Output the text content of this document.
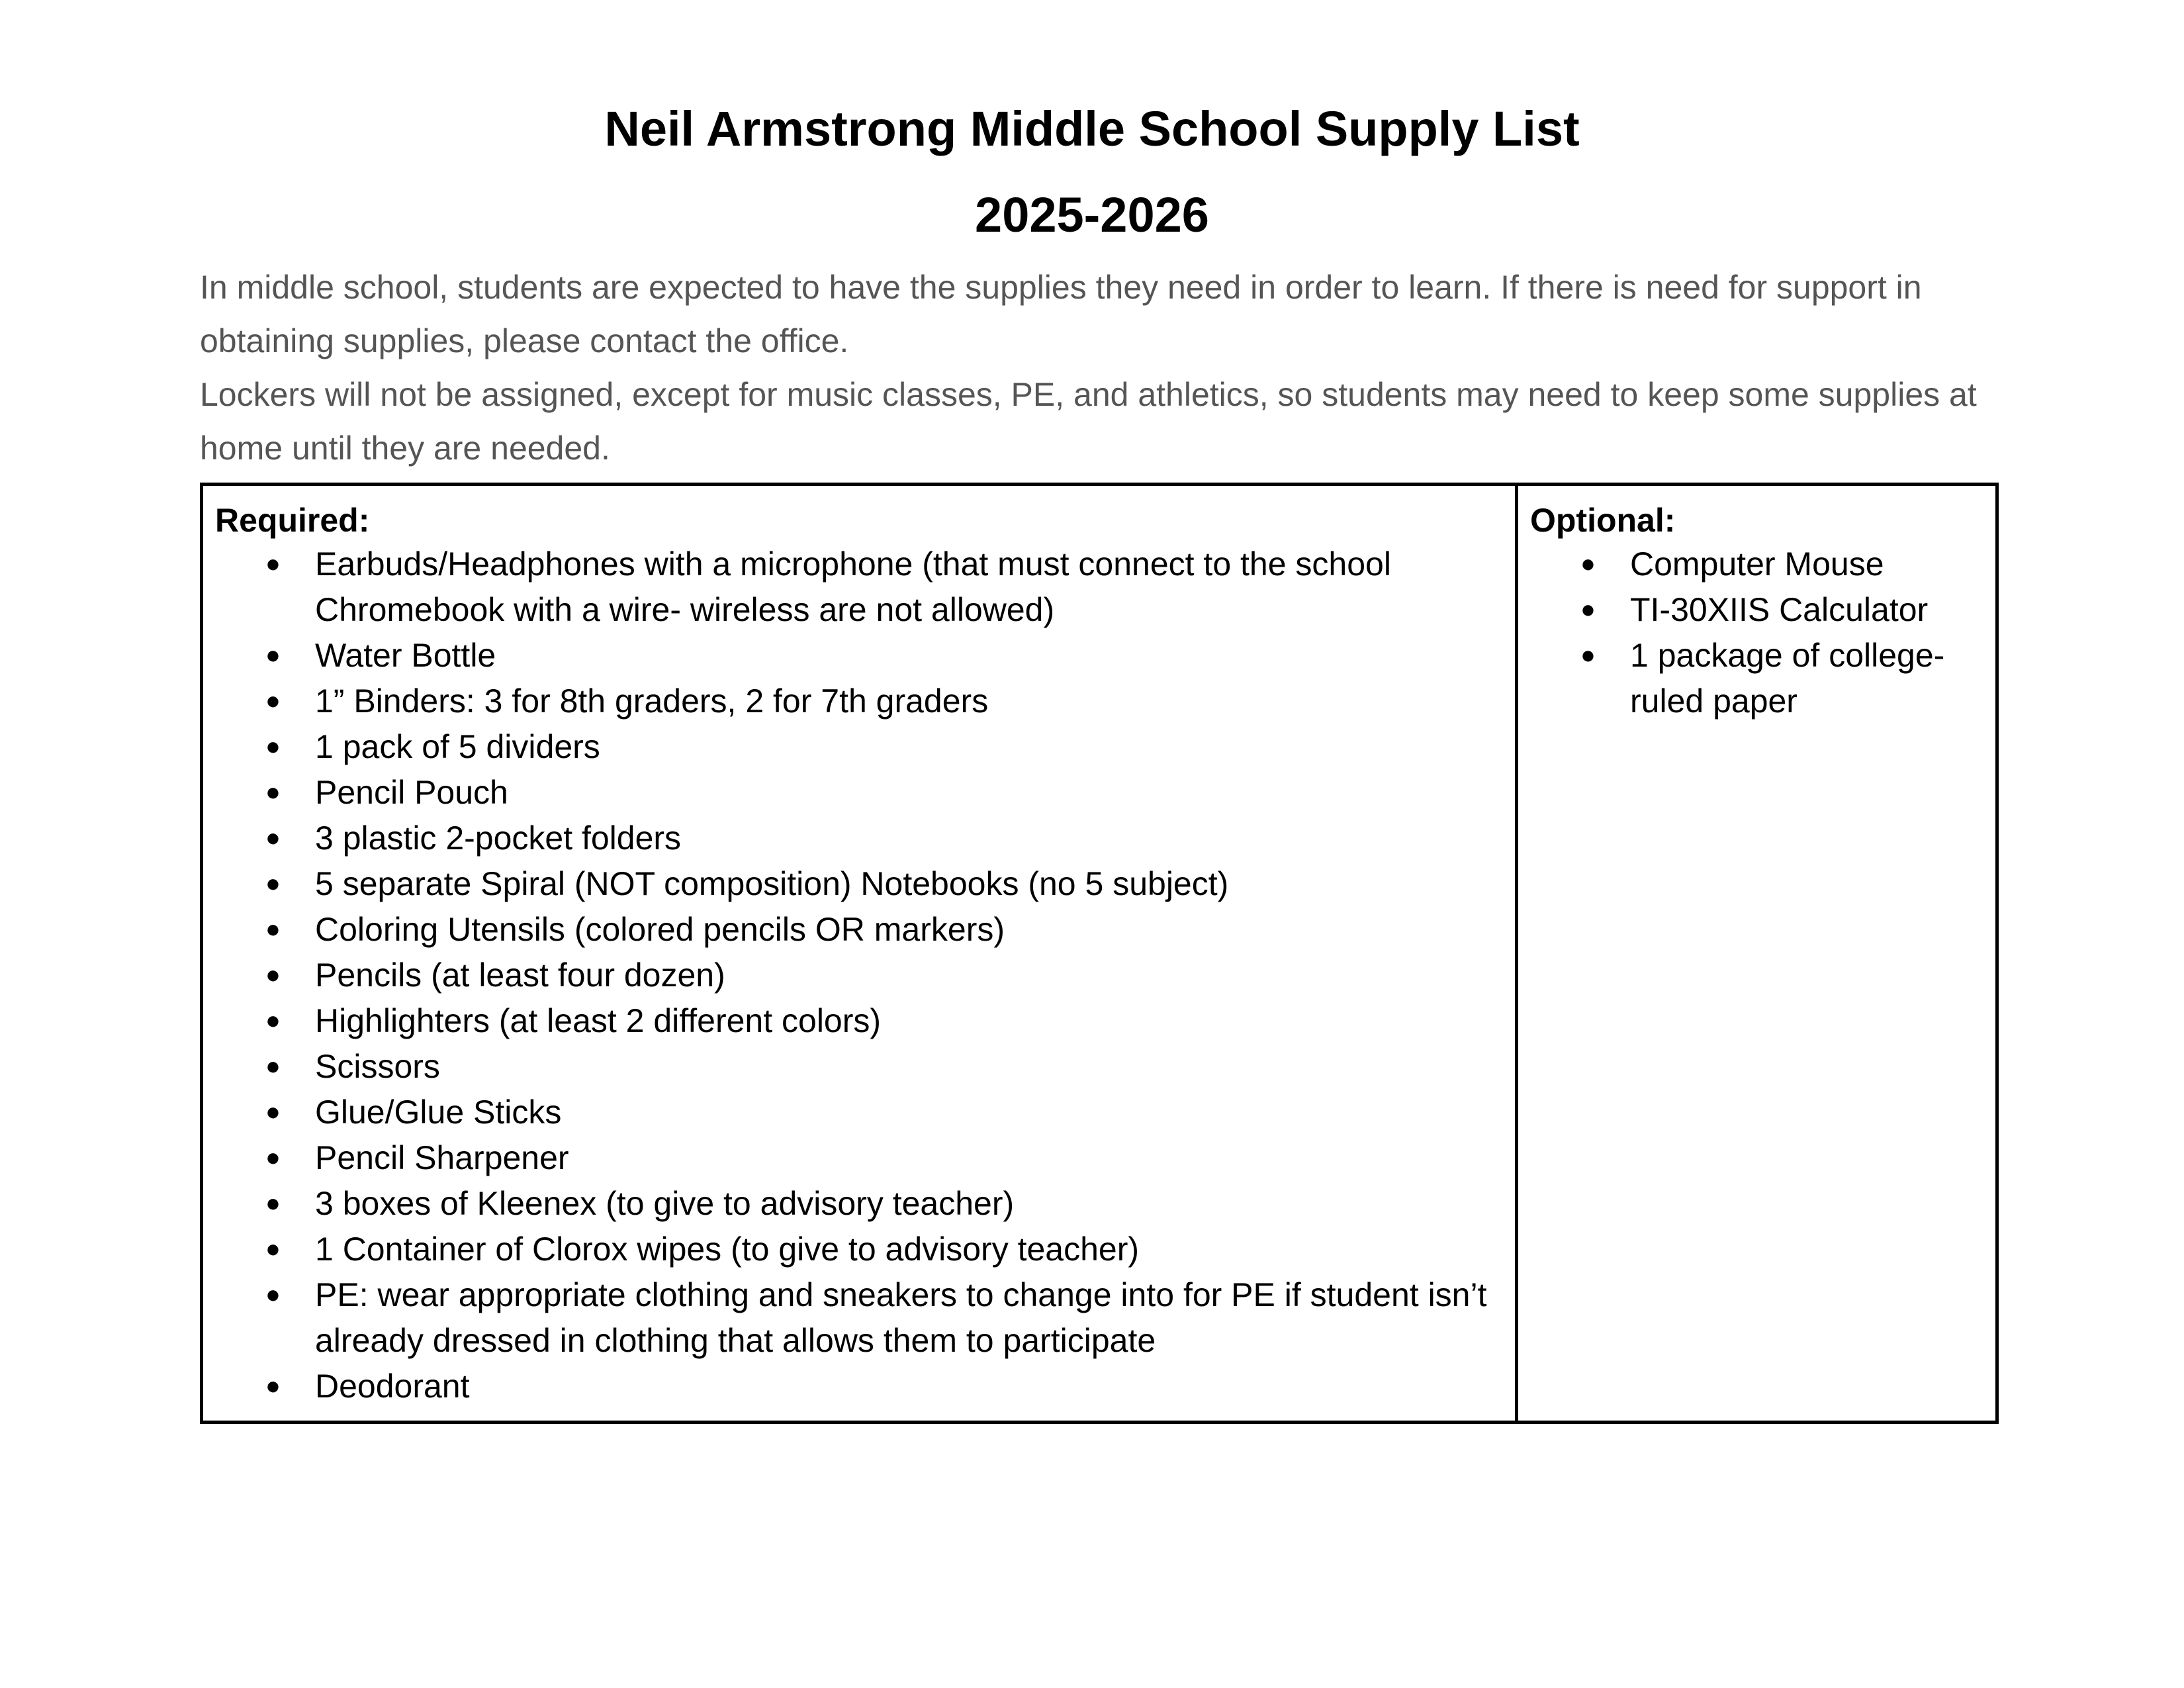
Neil Armstrong Middle School Supply List
2025-2026

In middle school, students are expected to have the supplies they need in order to learn. If there is need for support in obtaining supplies, please contact the office.

Lockers will not be assigned, except for music classes, PE, and athletics, so students may need to keep some supplies at home until they are needed.

Required:
● Earbuds/Headphones with a microphone (that must connect to the school Chromebook with a wire- wireless are not allowed)
● Water Bottle
● 1” Binders: 3 for 8th graders, 2 for 7th graders
● 1 pack of 5 dividers
● Pencil Pouch
● 3 plastic 2-pocket folders
● 5 separate Spiral (NOT composition) Notebooks (no 5 subject)
● Coloring Utensils (colored pencils OR markers)
● Pencils (at least four dozen)
● Highlighters (at least 2 different colors)
● Scissors
● Glue/Glue Sticks
● Pencil Sharpener
● 3 boxes of Kleenex (to give to advisory teacher)
● 1 Container of Clorox wipes (to give to advisory teacher)
● PE: wear appropriate clothing and sneakers to change into for PE if student isn’t already dressed in clothing that allows them to participate
● Deodorant

Optional:
● Computer Mouse
● TI-30XIIS Calculator
● 1 package of college-ruled paper
